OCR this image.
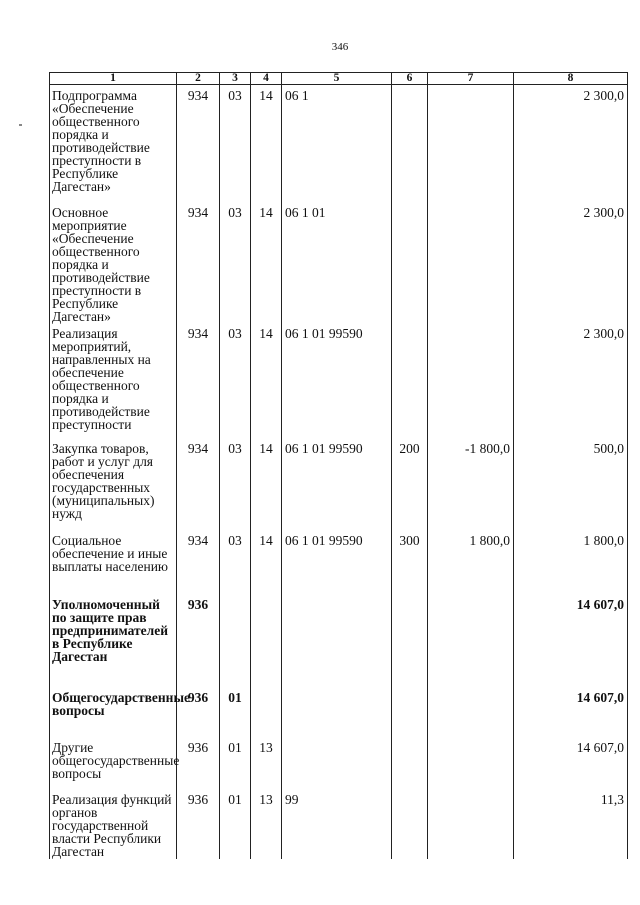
346
1	2	3	4	5	6	7	8
Подпрограмма «Обеспечение общественного порядка и противодействие преступности в Республике Дагестан»	934	03	14	06 1			2 300,0
Основное мероприятие «Обеспечение общественного порядка и противодействие преступности в Республике Дагестан»	934	03	14	06 1 01			2 300,0
Реализация мероприятий, направленных на обеспечение общественного порядка и противодействие преступности	934	03	14	06 1 01 99590			2 300,0
Закупка товаров, работ и услуг для обеспечения государственных (муниципальных) нужд	934	03	14	06 1 01 99590	200	-1 800,0	500,0
Социальное обеспечение и иные выплаты населению	934	03	14	06 1 01 99590	300	1 800,0	1 800,0
Уполномоченный по защите прав предпринимателей в Республике Дагестан	936						14 607,0
Общегосударственные вопросы	936	01					14 607,0
Другие общегосударственные вопросы	936	01	13				14 607,0
Реализация функций органов государственной власти Республики Дагестан	936	01	13	99			11,3
